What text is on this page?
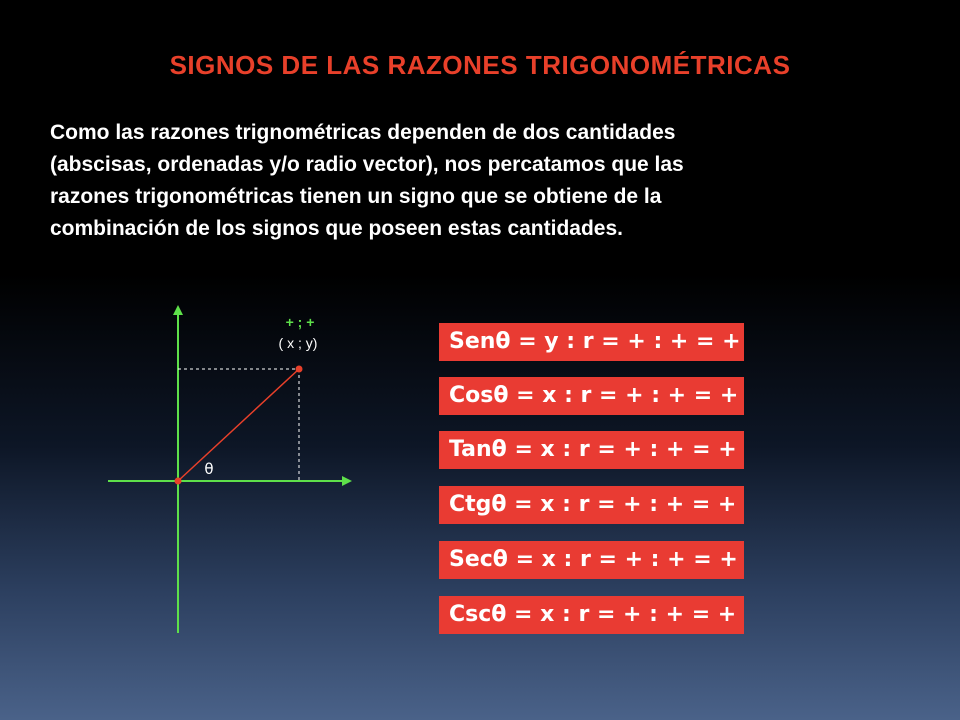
SIGNOS DE LAS RAZONES TRIGONOMÉTRICAS
Como las razones trignométricas dependen de dos cantidades
(abscisas, ordenadas y/o radio vector), nos percatamos que las
razones trigonométricas tienen un signo que se obtiene de la
combinación de los signos que poseen estas cantidades.
+ ; +
( x ; y)
θ
Senθ = y : r = + : + = +
Cosθ = x : r = + : + = +
Tanθ = x : r = + : + = +
Ctgθ = x : r = + : + = +
Secθ = x : r = + : + = +
Cscθ = x : r = + : + = +
